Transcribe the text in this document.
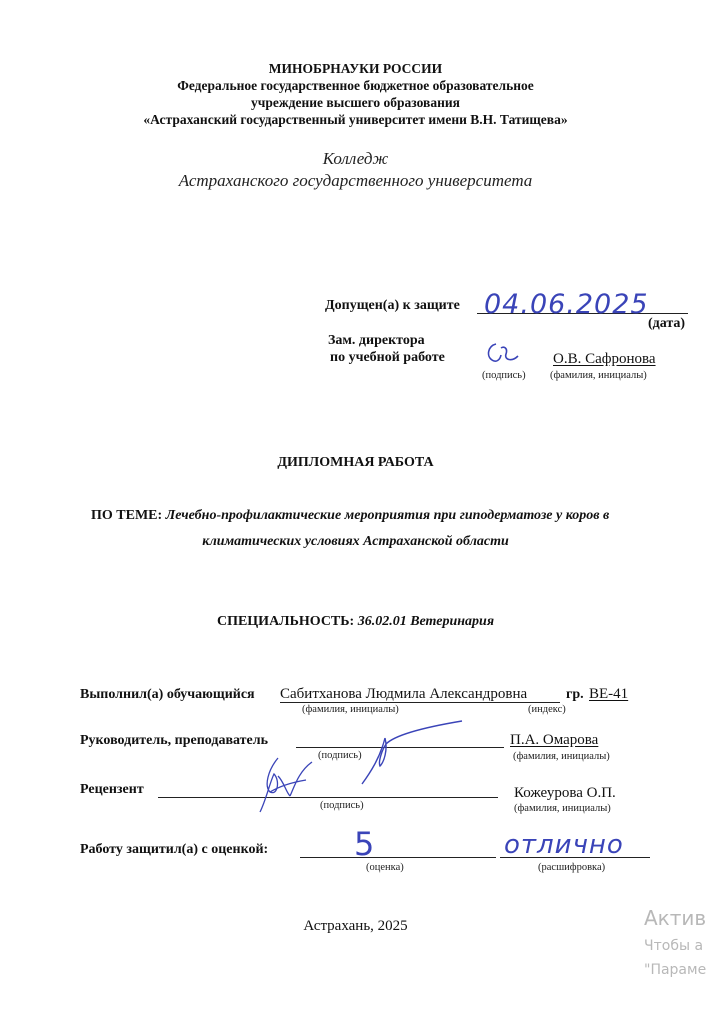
МИНОБРНАУКИ РОССИИ
Федеральное государственное бюджетное образовательное
учреждение высшего образования
«Астраханский государственный университет имени В.Н. Татищева»
Колледж
Астраханского государственного университета
Допущен(а) к защите 04.06.2025
(дата)
Зам. директора
по учебной работе
(подпись)
О.В. Сафронова
(фамилия, инициалы)
ДИПЛОМНАЯ РАБОТА
ПО ТЕМЕ: Лечебно-профилактические мероприятия при гиподерматозе у коров в
климатических условиях Астраханской области
СПЕЦИАЛЬНОСТЬ: 36.02.01 Ветеринария
Выполнил(а) обучающийся Сабитханова Людмила Александровна	гр. ВЕ-41
(фамилия, инициалы)	(индекс)
Руководитель, преподаватель
(подпись)
П.А. Омарова
(фамилия, инициалы)
Рецензент
(подпись)
Кожеурова О.П.
(фамилия, инициалы)
Работу защитил(а) с оценкой:	5
(оценка)
отлично
(расшифровка)
Астрахань, 2025	Актив
Чтобы а
"Параме
